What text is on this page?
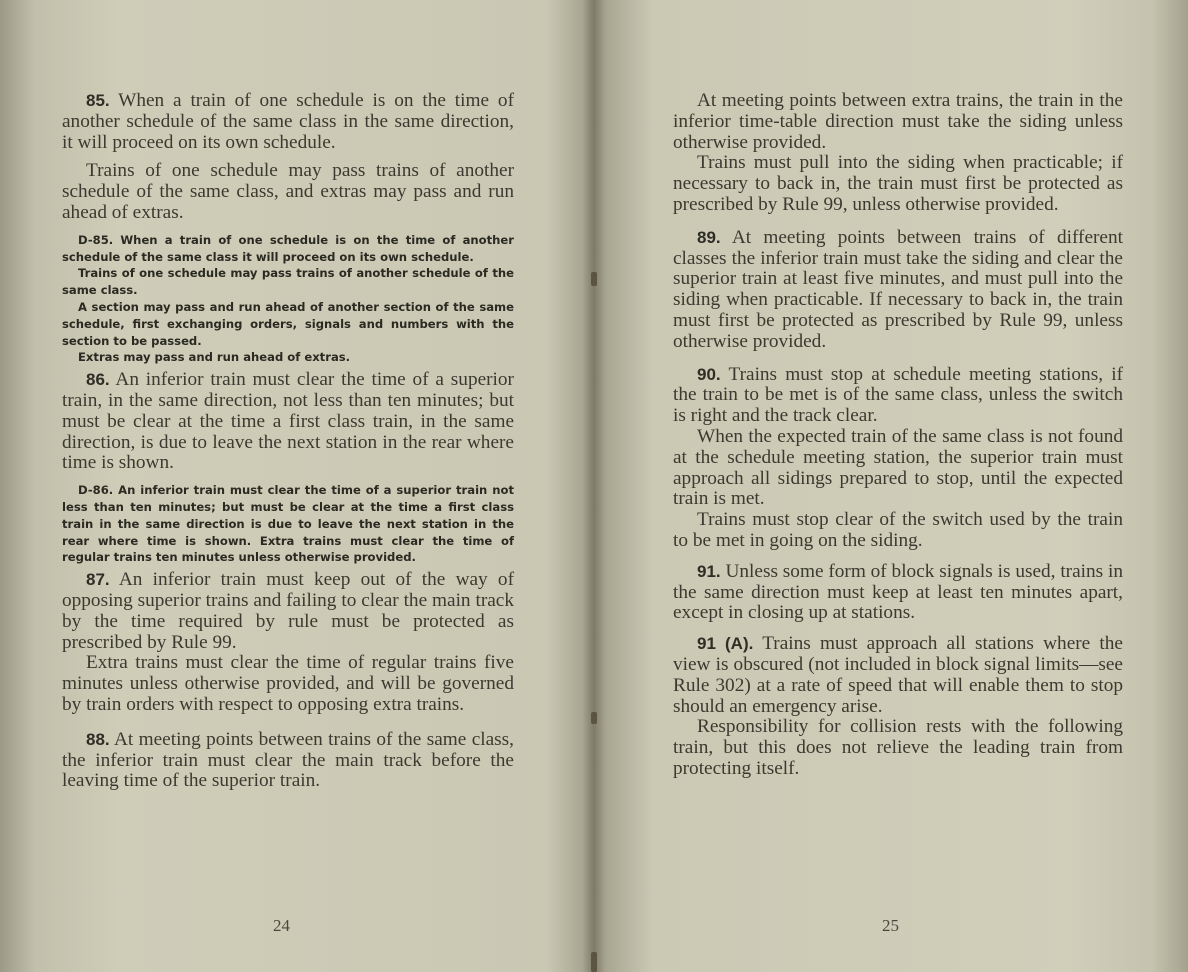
85. When a train of one schedule is on the time of another schedule of the same class in the same direction, it will proceed on its own schedule.

Trains of one schedule may pass trains of another schedule of the same class, and extras may pass and run ahead of extras.

D-85. When a train of one schedule is on the time of another schedule of the same class it will proceed on its own schedule.

Trains of one schedule may pass trains of another schedule of the same class.

A section may pass and run ahead of another section of the same schedule, first exchanging orders, signals and numbers with the section to be passed.

Extras may pass and run ahead of extras.

86. An inferior train must clear the time of a superior train, in the same direction, not less than ten minutes; but must be clear at the time a first class train, in the same direction, is due to leave the next station in the rear where time is shown.

D-86. An inferior train must clear the time of a superior train not less than ten minutes; but must be clear at the time a first class train in the same direction is due to leave the next station in the rear where time is shown. Extra trains must clear the time of regular trains ten minutes unless otherwise provided.

87. An inferior train must keep out of the way of opposing superior trains and failing to clear the main track by the time required by rule must be protected as prescribed by Rule 99.

Extra trains must clear the time of regular trains five minutes unless otherwise provided, and will be governed by train orders with respect to opposing extra trains.

88. At meeting points between trains of the same class, the inferior train must clear the main track before the leaving time of the superior train.

24

At meeting points between extra trains, the train in the inferior time-table direction must take the siding unless otherwise provided.

Trains must pull into the siding when practicable; if necessary to back in, the train must first be protected as prescribed by Rule 99, unless otherwise provided.

89. At meeting points between trains of different classes the inferior train must take the siding and clear the superior train at least five minutes, and must pull into the siding when practicable. If necessary to back in, the train must first be protected as prescribed by Rule 99, unless otherwise provided.

90. Trains must stop at schedule meeting stations, if the train to be met is of the same class, unless the switch is right and the track clear.

When the expected train of the same class is not found at the schedule meeting station, the superior train must approach all sidings prepared to stop, until the expected train is met.

Trains must stop clear of the switch used by the train to be met in going on the siding.

91. Unless some form of block signals is used, trains in the same direction must keep at least ten minutes apart, except in closing up at stations.

91 (A). Trains must approach all stations where the view is obscured (not included in block signal limits—see Rule 302) at a rate of speed that will enable them to stop should an emergency arise.

Responsibility for collision rests with the following train, but this does not relieve the leading train from protecting itself.

25
